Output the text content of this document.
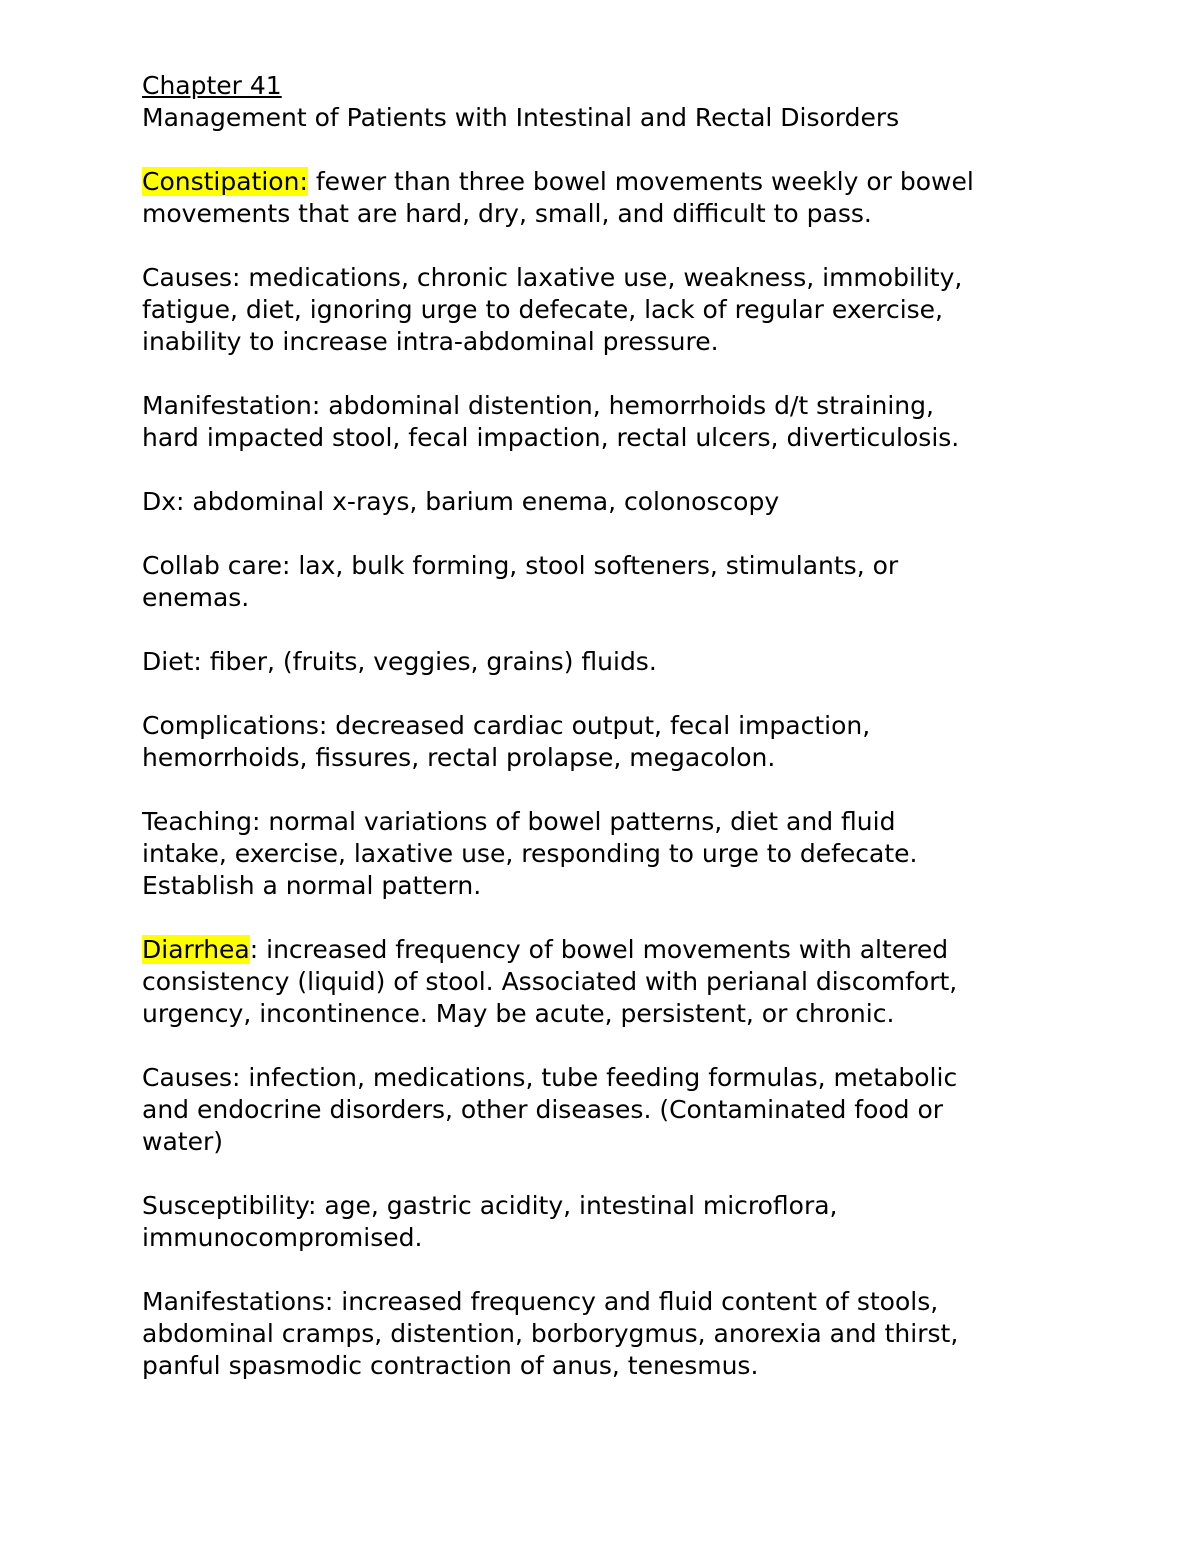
Chapter 41
Management of Patients with Intestinal and Rectal Disorders
Constipation: fewer than three bowel movements weekly or bowel
movements that are hard, dry, small, and difficult to pass.
Causes: medications, chronic laxative use, weakness, immobility,
fatigue, diet, ignoring urge to defecate, lack of regular exercise,
inability to increase intra-abdominal pressure.
Manifestation: abdominal distention, hemorrhoids d/t straining,
hard impacted stool, fecal impaction, rectal ulcers, diverticulosis.
Dx: abdominal x-rays, barium enema, colonoscopy
Collab care: lax, bulk forming, stool softeners, stimulants, or
enemas.
Diet: fiber, (fruits, veggies, grains) fluids.
Complications: decreased cardiac output, fecal impaction,
hemorrhoids, fissures, rectal prolapse, megacolon.
Teaching: normal variations of bowel patterns, diet and fluid
intake, exercise, laxative use, responding to urge to defecate.
Establish a normal pattern.
Diarrhea: increased frequency of bowel movements with altered
consistency (liquid) of stool. Associated with perianal discomfort,
urgency, incontinence. May be acute, persistent, or chronic.
Causes: infection, medications, tube feeding formulas, metabolic
and endocrine disorders, other diseases. (Contaminated food or
water)
Susceptibility: age, gastric acidity, intestinal microflora,
immunocompromised.
Manifestations: increased frequency and fluid content of stools,
abdominal cramps, distention, borborygmus, anorexia and thirst,
panful spasmodic contraction of anus, tenesmus.
